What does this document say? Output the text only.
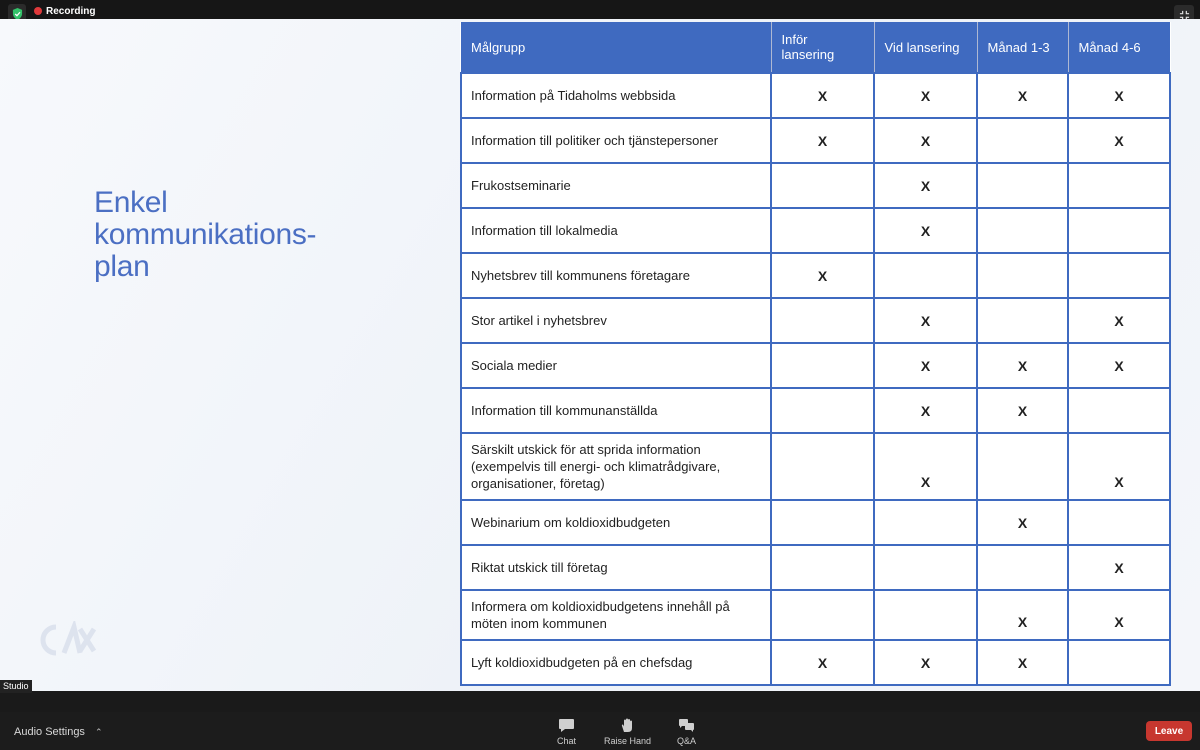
Recording
Enkel
kommunikations-
plan
Målgrupp	Inför lansering	Vid lansering	Månad 1-3	Månad 4-6
Information på Tidaholms webbsida	X	X	X	X
Information till politiker och tjänstepersoner	X	X		X
Frukostseminarie		X		
Information till lokalmedia		X		
Nyhetsbrev till kommunens företagare	X			
Stor artikel i nyhetsbrev		X		X
Sociala medier		X	X	X
Information till kommunanställda		X	X	
Särskilt utskick för att sprida information (exempelvis till energi- och klimatrådgivare, organisationer, företag)		X		X
Webinarium om koldioxidbudgeten			X	
Riktat utskick till företag				X
Informera om koldioxidbudgetens innehåll på möten inom kommunen			X	X
Lyft koldioxidbudgeten på en chefsdag	X	X	X	
Studio
Audio Settings ⌃
Chat	Raise Hand	Q&A
Leave
